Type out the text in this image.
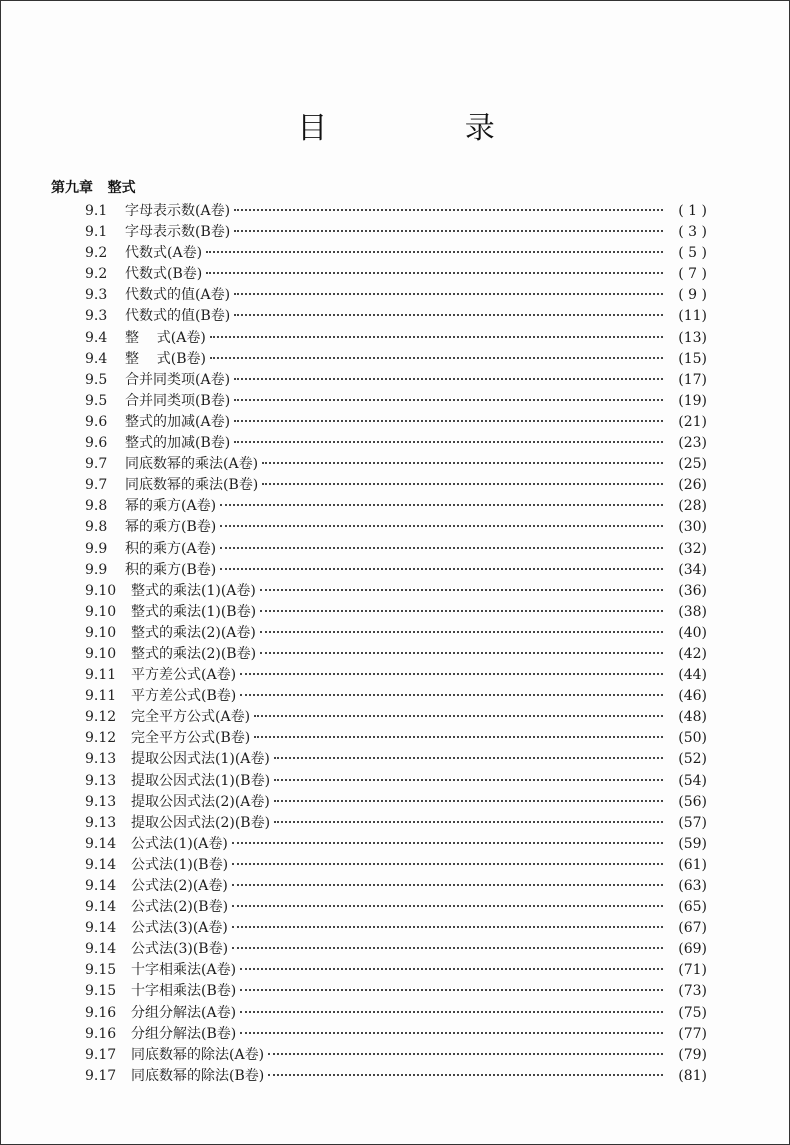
目 录
第九章   整式
9.1	字母表示数(A卷)	( 1 )
9.1	字母表示数(B卷)	( 3 )
9.2	代数式(A卷)	( 5 )
9.2	代数式(B卷)	( 7 )
9.3	代数式的值(A卷)	( 9 )
9.3	代数式的值(B卷)	(11)
9.4	整    式(A卷)	(13)
9.4	整    式(B卷)	(15)
9.5	合并同类项(A卷)	(17)
9.5	合并同类项(B卷)	(19)
9.6	整式的加减(A卷)	(21)
9.6	整式的加减(B卷)	(23)
9.7	同底数幂的乘法(A卷)	(25)
9.7	同底数幂的乘法(B卷)	(26)
9.8	幂的乘方(A卷)	(28)
9.8	幂的乘方(B卷)	(30)
9.9	积的乘方(A卷)	(32)
9.9	积的乘方(B卷)	(34)
9.10	整式的乘法(1)(A卷)	(36)
9.10	整式的乘法(1)(B卷)	(38)
9.10	整式的乘法(2)(A卷)	(40)
9.10	整式的乘法(2)(B卷)	(42)
9.11	平方差公式(A卷)	(44)
9.11	平方差公式(B卷)	(46)
9.12	完全平方公式(A卷)	(48)
9.12	完全平方公式(B卷)	(50)
9.13	提取公因式法(1)(A卷)	(52)
9.13	提取公因式法(1)(B卷)	(54)
9.13	提取公因式法(2)(A卷)	(56)
9.13	提取公因式法(2)(B卷)	(57)
9.14	公式法(1)(A卷)	(59)
9.14	公式法(1)(B卷)	(61)
9.14	公式法(2)(A卷)	(63)
9.14	公式法(2)(B卷)	(65)
9.14	公式法(3)(A卷)	(67)
9.14	公式法(3)(B卷)	(69)
9.15	十字相乘法(A卷)	(71)
9.15	十字相乘法(B卷)	(73)
9.16	分组分解法(A卷)	(75)
9.16	分组分解法(B卷)	(77)
9.17	同底数幂的除法(A卷)	(79)
9.17	同底数幂的除法(B卷)	(81)
